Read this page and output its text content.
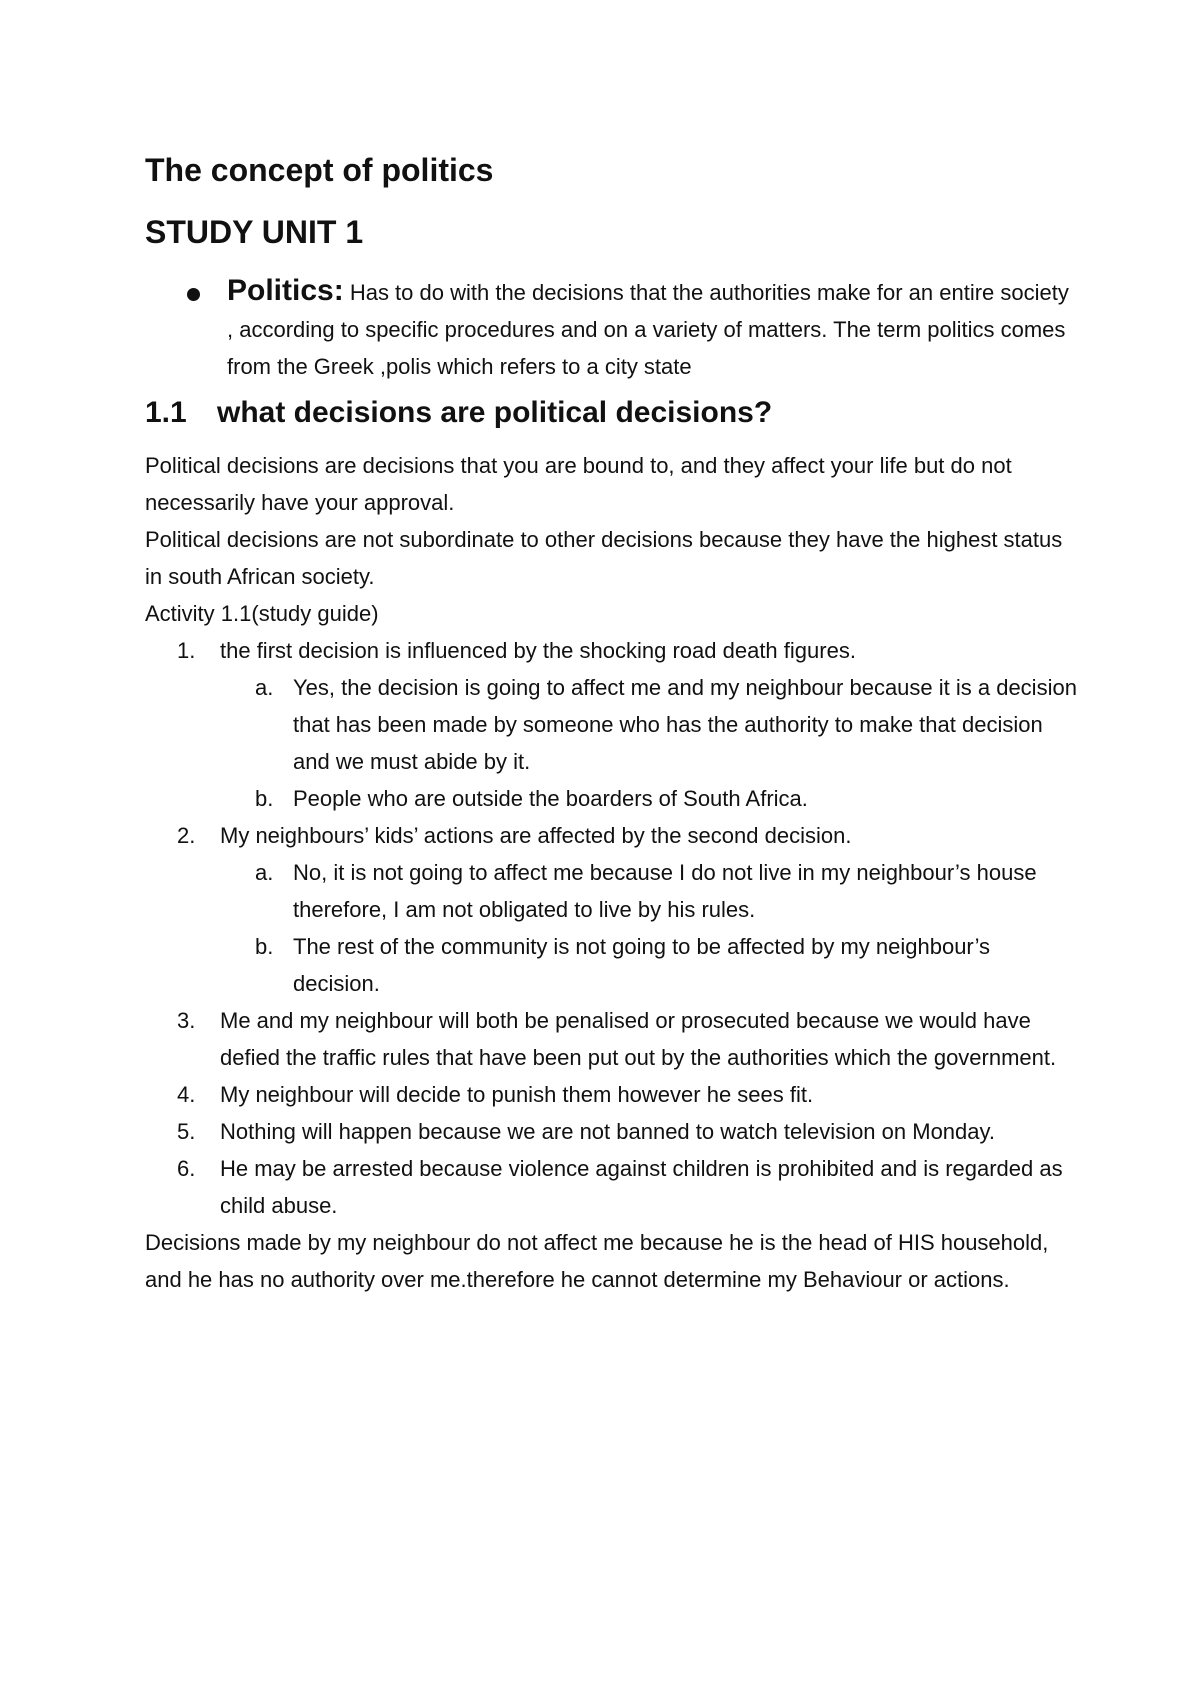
The concept of politics
STUDY UNIT 1
Politics: Has to do with the decisions that the authorities make for an entire society , according to specific procedures and on a variety of matters. The term politics comes from the Greek ,polis which refers to a city state
1.1 what decisions are political decisions?

Political decisions are decisions that you are bound to, and they affect your life but do not necessarily have your approval.

Political decisions are not subordinate to other decisions because they have the highest status in south African society.

Activity 1.1(study guide)

1. the first decision is influenced by the shocking road death figures.
a. Yes, the decision is going to affect me and my neighbour because it is a decision that has been made by someone who has the authority to make that decision and we must abide by it.
b. People who are outside the boarders of South Africa.
2. My neighbours’ kids’ actions are affected by the second decision.
a. No, it is not going to affect me because I do not live in my neighbour’s house therefore, I am not obligated to live by his rules.
b. The rest of the community is not going to be affected by my neighbour’s decision.
3. Me and my neighbour will both be penalised or prosecuted because we would have defied the traffic rules that have been put out by the authorities which the government.
4. My neighbour will decide to punish them however he sees fit.
5. Nothing will happen because we are not banned to watch television on Monday.
6. He may be arrested because violence against children is prohibited and is regarded as child abuse.

Decisions made by my neighbour do not affect me because he is the head of HIS household, and he has no authority over me.therefore he cannot determine my Behaviour or actions.
